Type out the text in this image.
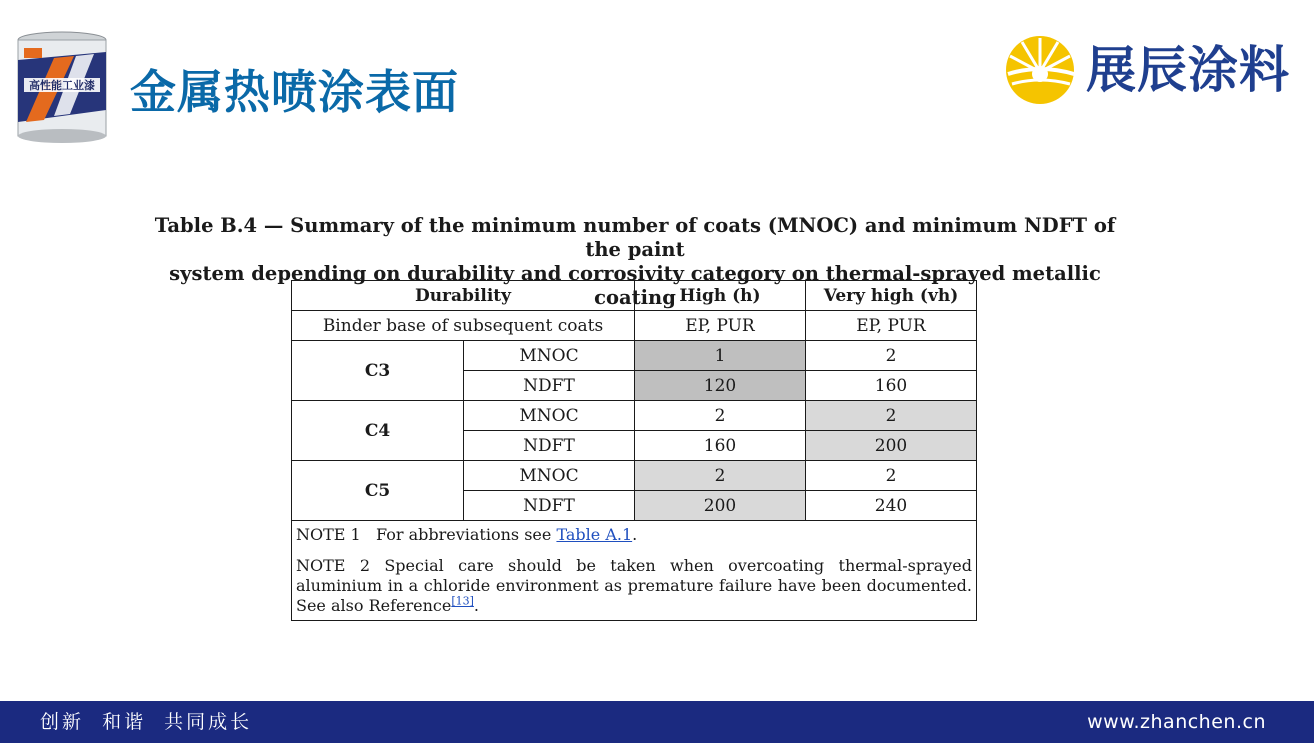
高性能工业漆 金属热喷涂表面	展辰涂料
Table B.4 — Summary of the minimum number of coats (MNOC) and minimum NDFT of the paint
system depending on durability and corrosivity category on thermal-sprayed metallic coating
Durability		High (h)	Very high (vh)
Binder base of subsequent coats		EP, PUR	EP, PUR
C3	MNOC	1	2
	NDFT	120	160
C4	MNOC	2	2
	NDFT	160	200
C5	MNOC	2	2
	NDFT	200	240

NOTE 1   For abbreviations see Table A.1.

NOTE 2 Special care should be taken when overcoating thermal-sprayed aluminium in a chloride environment as premature failure have been documented. See also Reference[13].			

创新  和谐  共同成长	www.zhanchen.cn
